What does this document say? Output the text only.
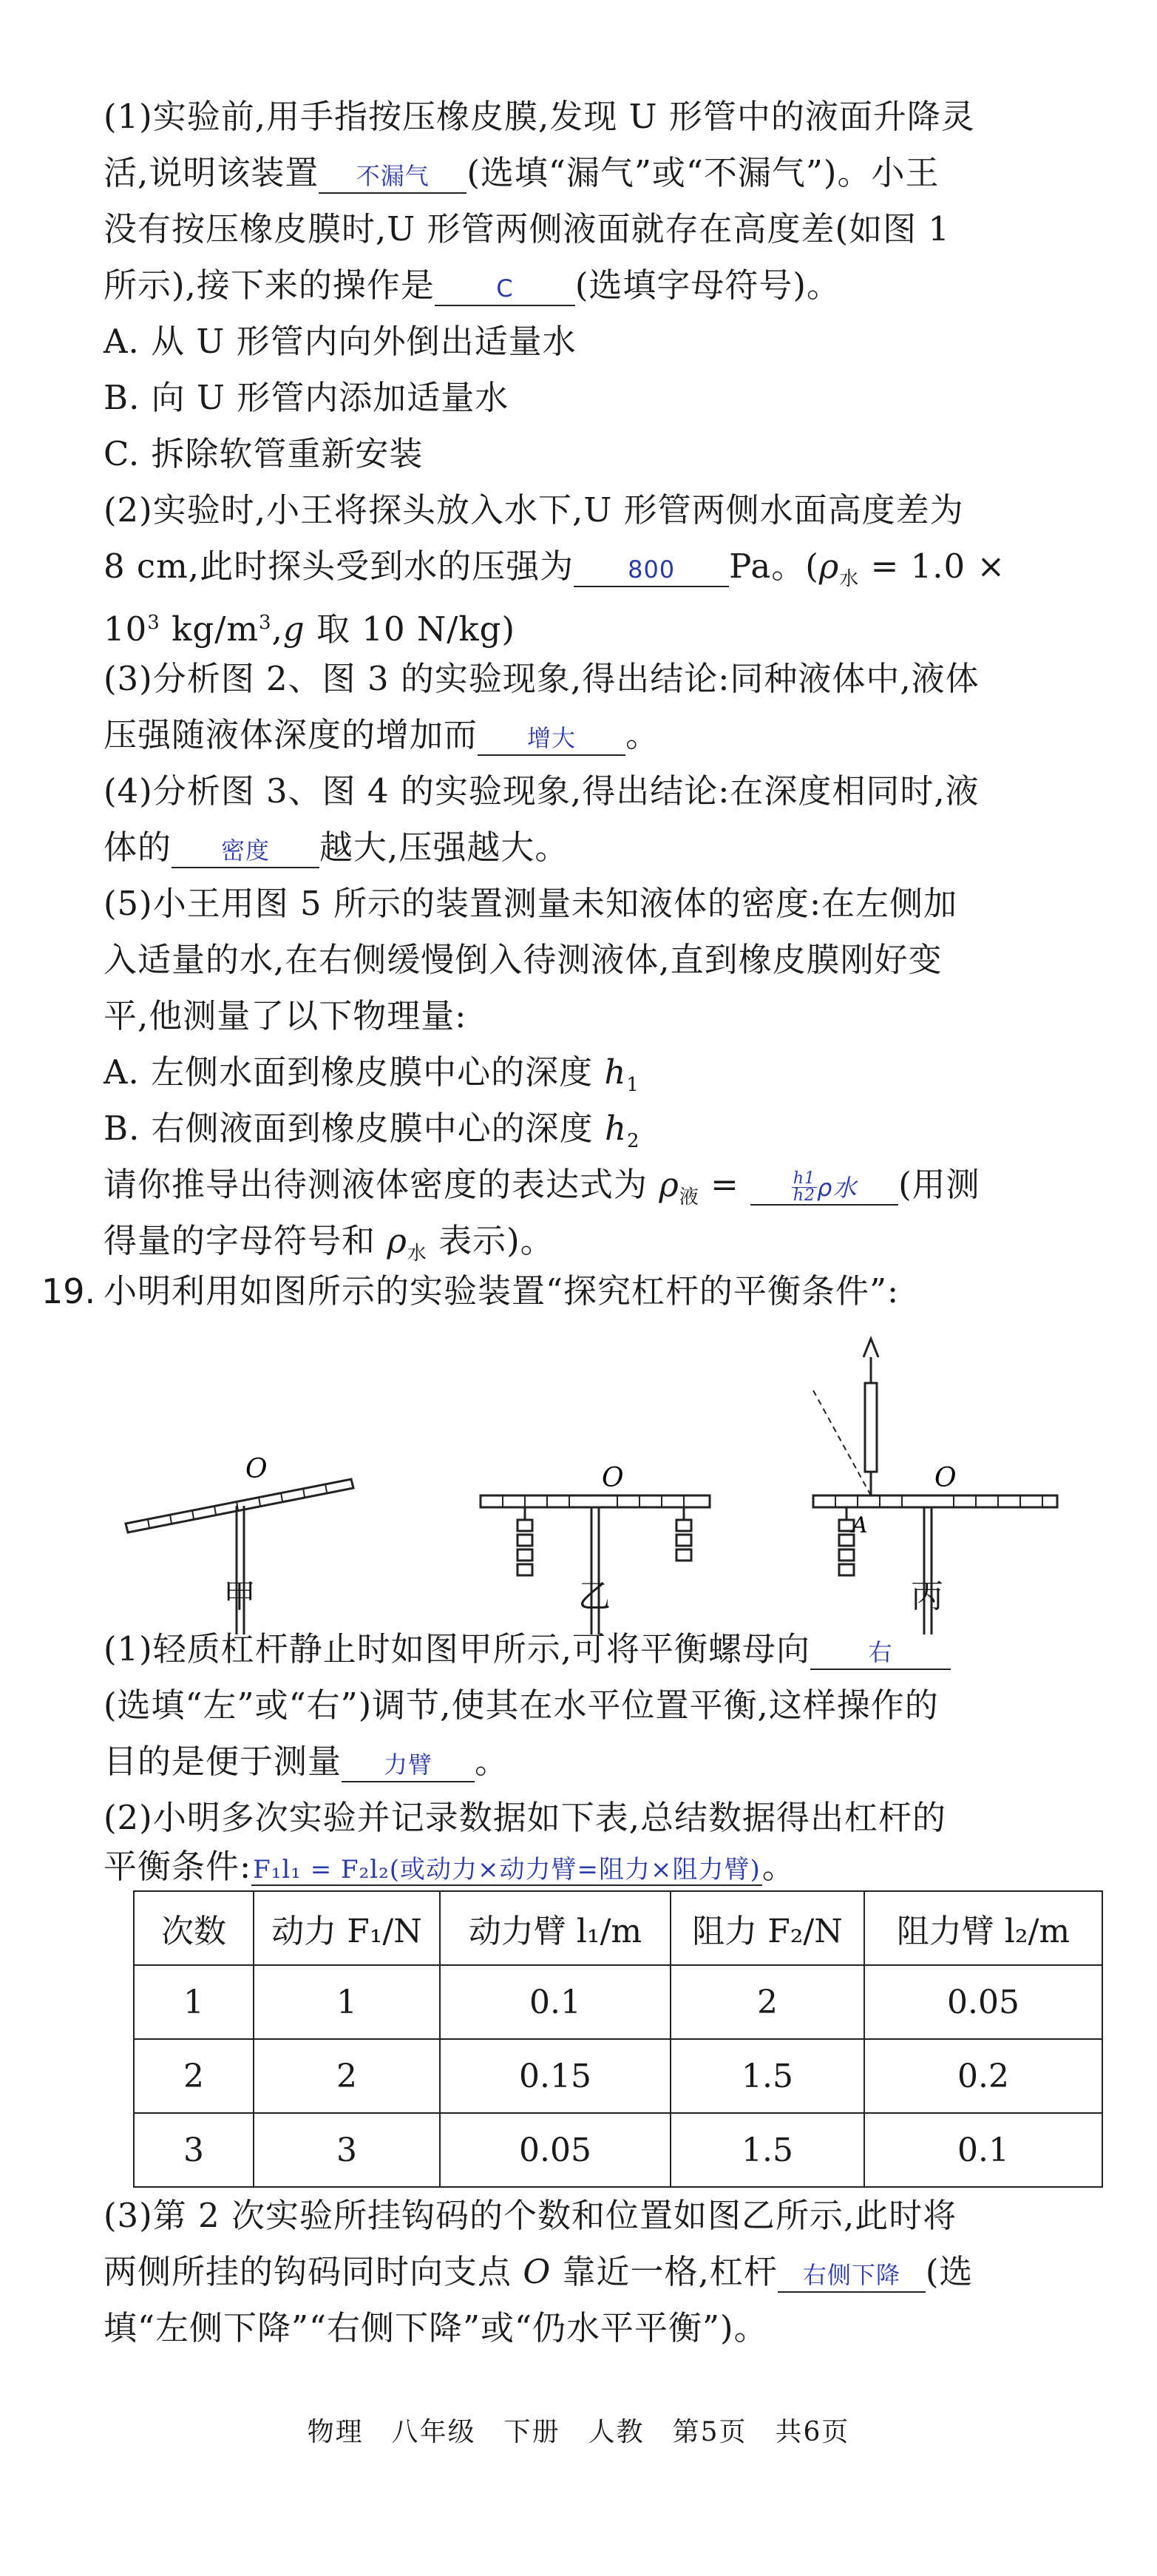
(1)实验前,用手指按压橡皮膜,发现 U 形管中的液面升降灵
活,说明该装置 不漏气 (选填“漏气”或“不漏气”)。小王
没有按压橡皮膜时,U 形管两侧液面就存在高度差(如图 1
所示),接下来的操作是	C (选填字母符号)。
A. 从 U 形管内向外倒出适量水
B. 向 U 形管内添加适量水
C. 拆除软管重新安装
(2)实验时,小王将探头放入水下,U 形管两侧水面高度差为
8 cm,此时探头受到水的压强为 800 Pa。($\rho_水 = 1.0$ ×
$10^3$ $kg/m^3,g$ 取 10 N/kg)
(3)分析图 2、图 3 的实验现象,得出结论:同种液体中,液体
压强随液体深度的增加而 增大 。
(4)分析图 3、图 4 的实验现象,得出结论:在深度相同时,液
体的 密度 越大,压强越大。
(5)小王用图 5 所示的装置测量未知液体的密度:在左侧加
入适量的水,在右侧缓慢倒入待测液体,直到橡皮膜刚好变
平,他测量了以下物理量:
A. 左侧水面到橡皮膜中心的深度 $h_1$
B. 右侧液面到橡皮膜中心的深度 $h_2$
请你推导出待测液体密度的表达式为 $\rho_液$ =	$\frac{h1}{h2}$ ρ水 (用测
得量的字母符号和 $\rho_水$ 表示)。
19. 小明利用如图所示的实验装置“探究杠杆的平衡条件”:
O	O	O
A
甲	乙	丙
(1)轻质杠杆静止时如图甲所示,可将平衡螺母向 右
(选填“左”或“右”)调节,使其在水平位置平衡,这样操作的
目的是便于测量 力臂 。
(2)小明多次实验并记录数据如下表,总结数据得出杠杆的
平衡条件:F₁l₁ = F₂l₂(或动力×动力臂=阻力×阻力臂)。
次数	动力 F₁/N	动力臂 l₁/m	阻力 F₂/N	阻力臂 l₂/m
1	1	0.1	2	0.05
2	2	0.15	1.5	0.2
3	3	0.05	1.5	0.1
(3)第 2 次实验所挂钩码的个数和位置如图乙所示,此时将
两侧所挂的钩码同时向支点 O 靠近一格,杠杆 右侧下降 (选
填“左侧下降”“右侧下降”或“仍水平平衡”)。
物理　八年级　下册　人教　第5页　共6页
